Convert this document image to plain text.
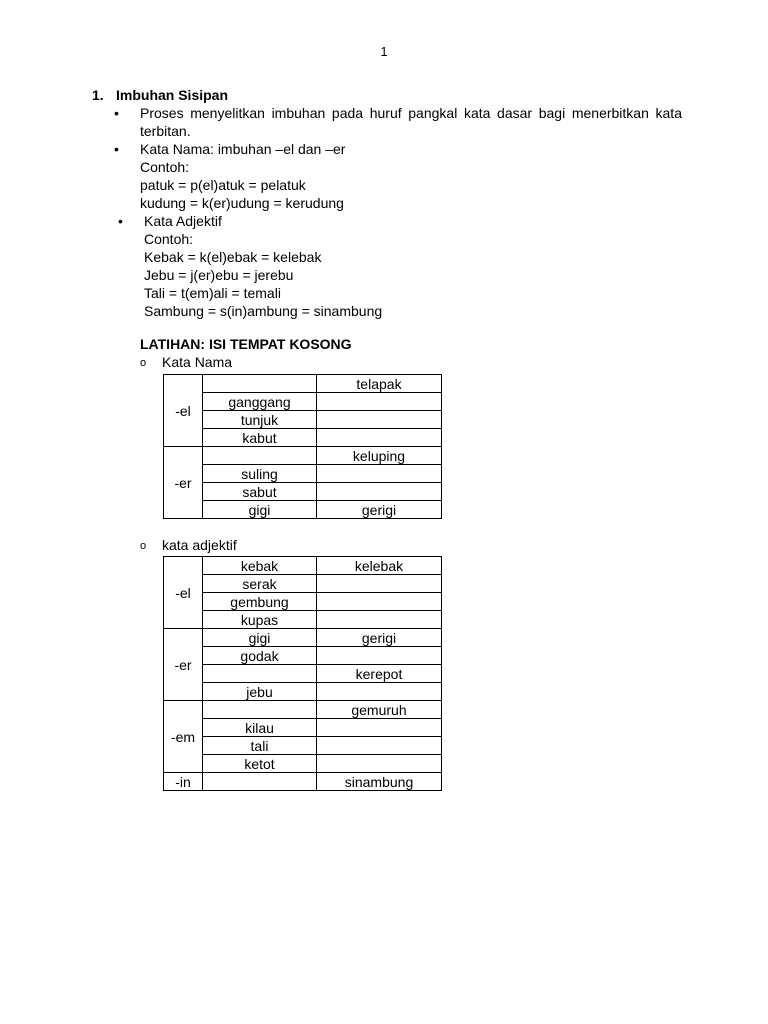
1
1. Imbuhan Sisipan
• Proses menyelitkan imbuhan pada huruf pangkal kata dasar bagi menerbitkan kata terbitan.
• Kata Nama: imbuhan –el dan –er
Contoh:
patuk = p(el)atuk = pelatuk
kudung = k(er)udung = kerudung
• Kata Adjektif
Contoh:
Kebak = k(el)ebak = kelebak
Jebu = j(er)ebu = jerebu
Tali = t(em)ali = temali
Sambung = s(in)ambung = sinambung
LATIHAN: ISI TEMPAT KOSONG
o Kata Nama
-el		telapak
	ganggang	
	tunjuk	
	kabut	
-er		keluping
	suling	
	sabut	
	gigi	gerigi
o kata adjektif
-el	kebak	kelebak
	serak	
	gembung	
	kupas	
-er	gigi	gerigi
	godak	
		kerepot
	jebu	
-em		gemuruh
	kilau	
	tali	
	ketot	
-in		sinambung
